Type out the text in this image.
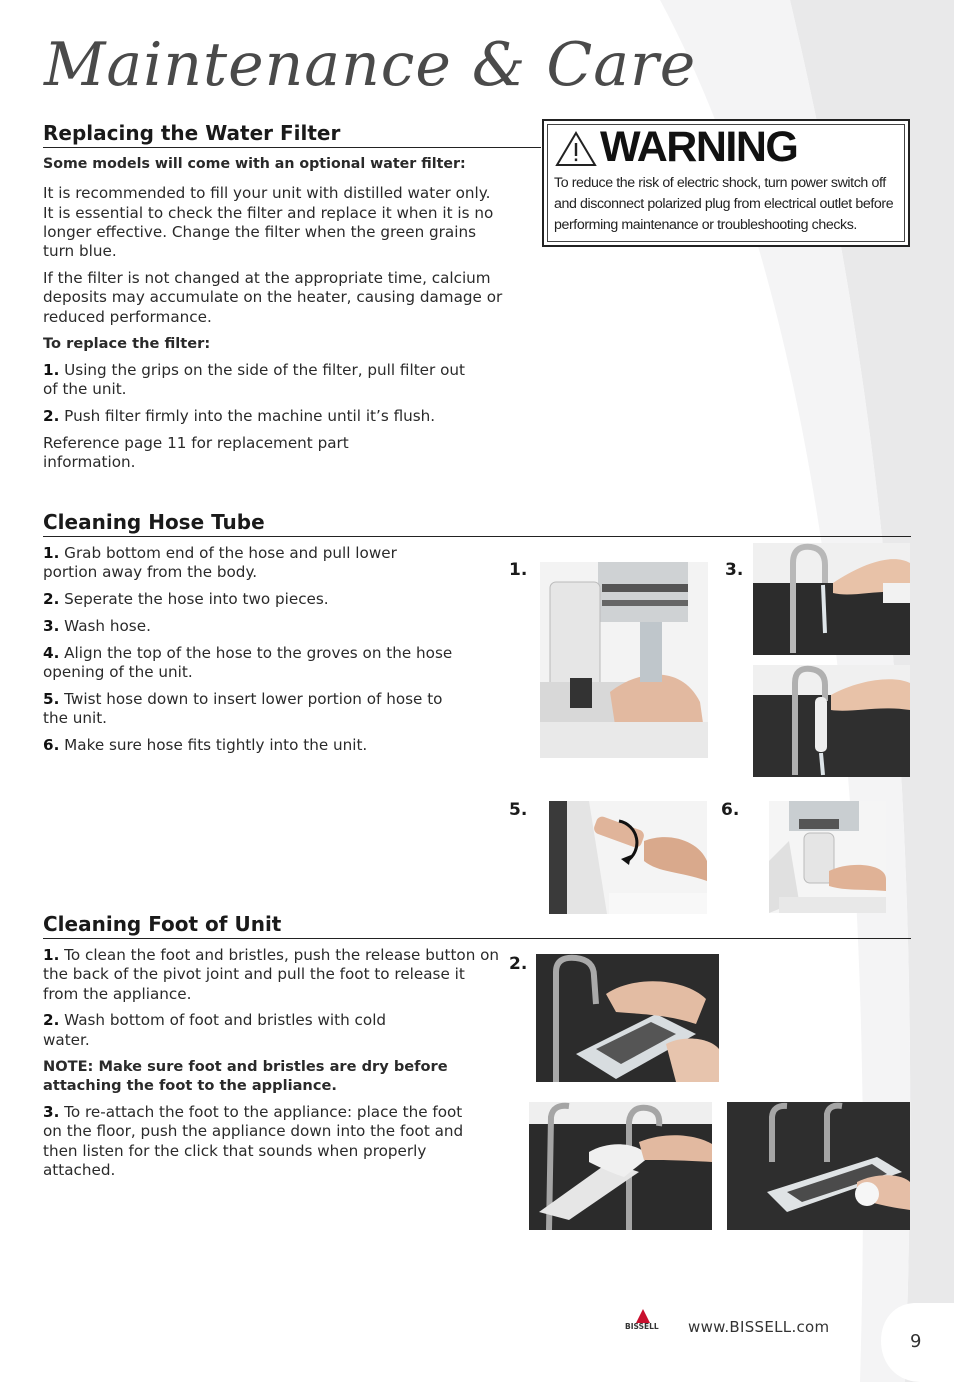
Maintenance & Care
Replacing the Water Filter

Some models will come with an optional water filter:

It is recommended to fill your unit with distilled water only. It is essential to check the filter and replace it when it is no longer effective. Change the filter when the green grains turn blue.

If the filter is not changed at the appropriate time, calcium deposits may accumulate on the heater, causing damage or reduced performance.

To replace the filter:

1. Using the grips on the side of the filter, pull filter out of the unit.

2. Push filter firmly into the machine until it’s flush.

Reference page 11 for replacement part information.

WARNING
To reduce the risk of electric shock, turn power switch off and disconnect polarized plug from electrical outlet before performing maintenance or troubleshooting checks.
Cleaning Hose Tube

1. Grab bottom end of the hose and pull lower portion away from the body.

2. Seperate the hose into two pieces.

3. Wash hose.

4. Align the top of the hose to the groves on the hose opening of the unit.

5. Twist hose down to insert lower portion of hose to the unit.

6. Make sure hose fits tightly into the unit.

1.	3.
5.	6.
Cleaning Foot of Unit

1. To clean the foot and bristles, push the release button on the back of the pivot joint and pull the foot to release it from the appliance.

2. Wash bottom of foot and bristles with cold water.

NOTE: Make sure foot and bristles are dry before attaching the foot to the appliance.

3. To re-attach the foot to the appliance: place the foot on the floor, push the appliance down into the foot and then listen for the click that sounds when properly attached.

2.
BISSELL www.BISSELL.com
9
